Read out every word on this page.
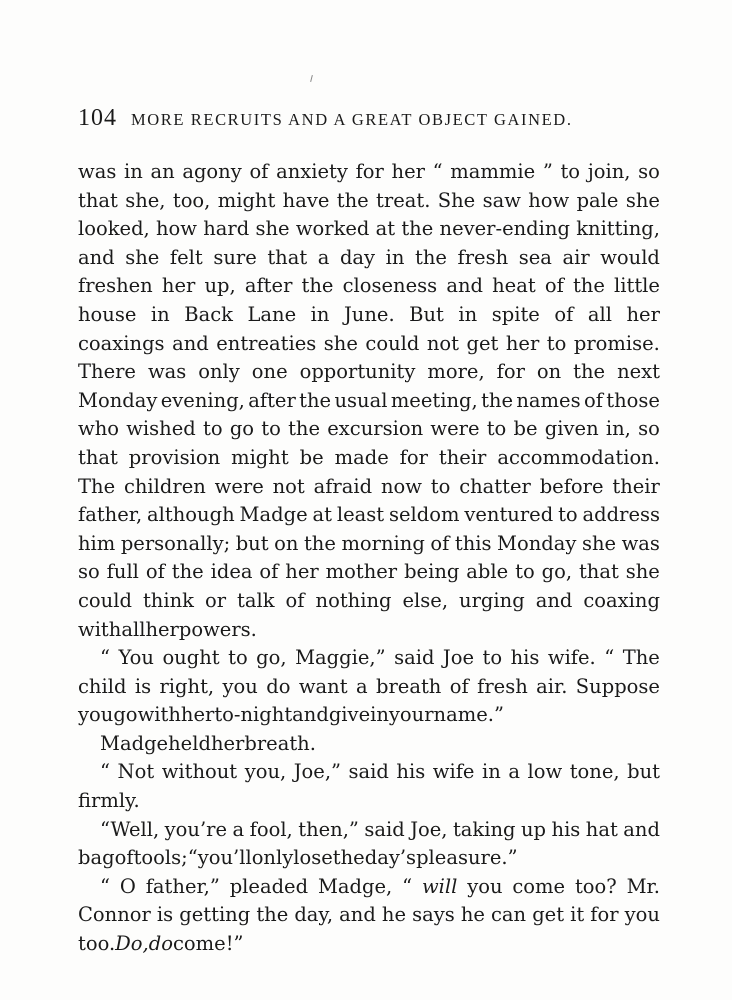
104 MORE RECRUITS AND A GREAT OBJECT GAINED.
was in an agony of anxiety for her “ mammie ” to join, so
that she, too, might have the treat. She saw how pale she
looked, how hard she worked at the never-ending knitting,
and she felt sure that a day in the fresh sea air would
freshen her up, after the closeness and heat of the little
house in Back Lane in June. But in spite of all her
coaxings and entreaties she could not get her to promise.
There was only one opportunity more, for on the next
Monday evening, after the usual meeting, the names of those
who wished to go to the excursion were to be given in, so
that provision might be made for their accommodation.
The children were not afraid now to chatter before their
father, although Madge at least seldom ventured to address
him personally; but on the morning of this Monday she was
so full of the idea of her mother being able to go, that she
could think or talk of nothing else, urging and coaxing
with all her powers.
“ You ought to go, Maggie,” said Joe to his wife. “ The
child is right, you do want a breath of fresh air. Suppose
you go with her to-night and give in your name.”
Madge held her breath.
“ Not without you, Joe,” said his wife in a low tone, but
firmly.
“Well, you’re a fool, then,” said Joe, taking up his hat and
bag of tools; “ you’ll only lose the day’s pleasure.”
“ O father,” pleaded Madge, “ will you come too? Mr.
Connor is getting the day, and he says he can get it for you
too. Do, do come ! ”
